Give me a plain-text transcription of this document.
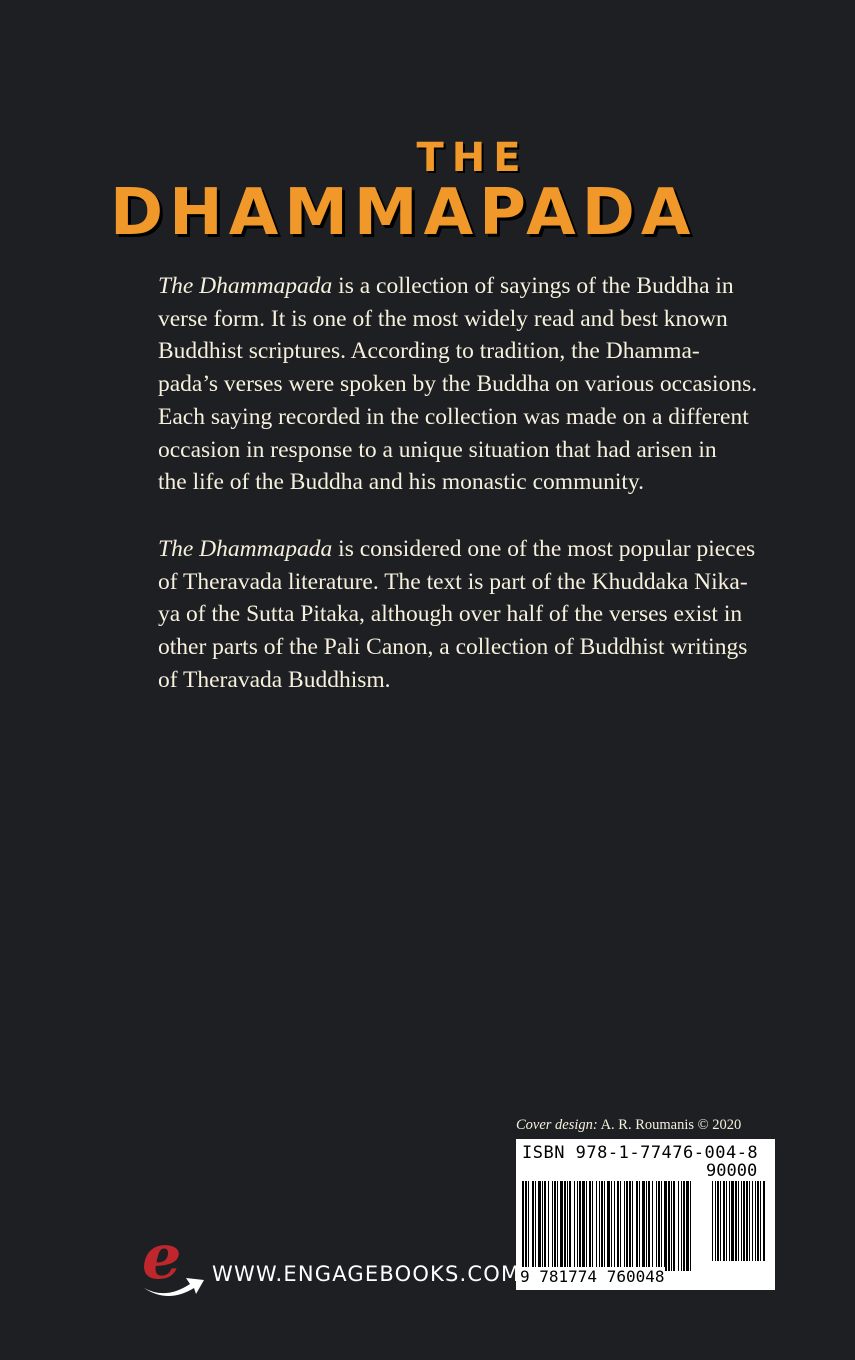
THE
DHAMMAPADA

The Dhammapada is a collection of sayings of the Buddha in
verse form. It is one of the most widely read and best known
Buddhist scriptures. According to tradition, the Dhamma-
pada’s verses were spoken by the Buddha on various occasions.
Each saying recorded in the collection was made on a different
occasion in response to a unique situation that had arisen in
the life of the Buddha and his monastic community.

The Dhammapada is considered one of the most popular pieces
of Theravada literature. The text is part of the Khuddaka Nika-
ya of the Sutta Pitaka, although over half of the verses exist in
other parts of the Pali Canon, a collection of Buddhist writings
of Theravada Buddhism.

Cover design: A. R. Roumanis © 2020
ISBN 978-1-77476-004-8
90000
9 781774 760048
e WWW.ENGAGEBOOKS.COM
